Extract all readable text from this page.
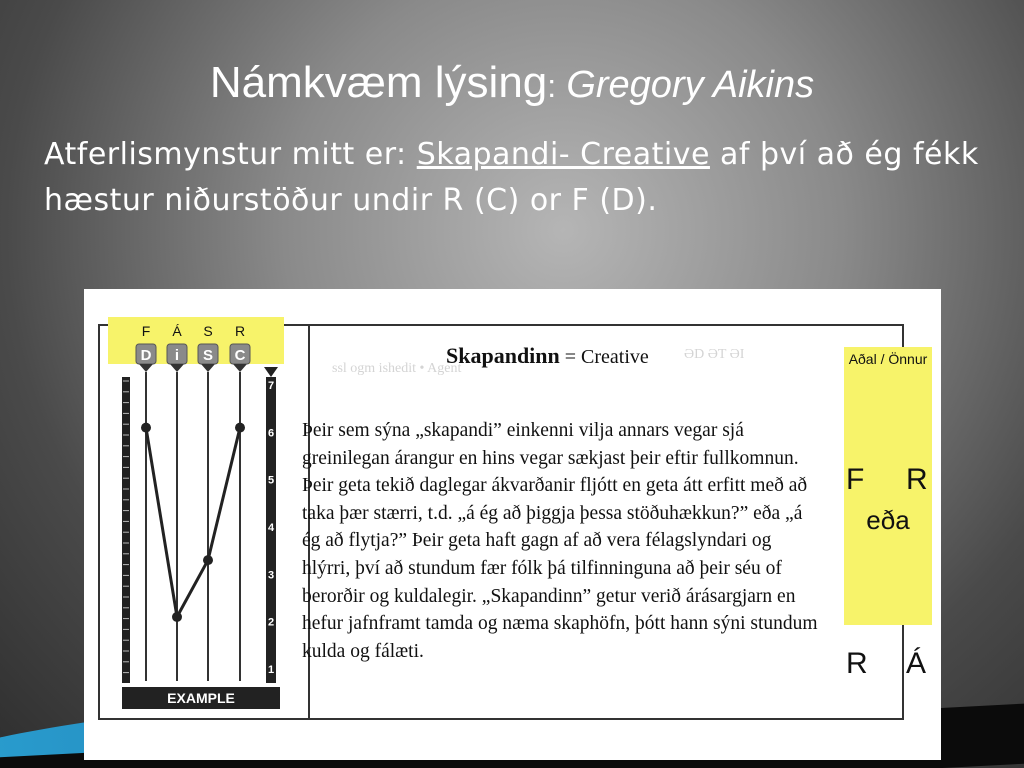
Námkvæm lýsing: Gregory Aikins
Atferlismynstur mitt er: Skapandi- Creative af því að ég fékk hæstur niðurstöður undir R (C) or F (D).
ƏD ƏT ƏI
ssl ogm ishedit • Agent
F Á S R
D i S C
7
6
5
4
3
2
1
EXAMPLE
Skapandinn = Creative
Þeir sem sýna „skapandi” einkenni vilja annars vegar sjá greinilegan árangur en hins vegar sækjast þeir eftir fullkomnun. Þeir geta tekið daglegar ákvarðanir fljótt en geta átt erfitt með að taka þær stærri, t.d. „á ég að þiggja þessa stöðuhækkun?” eða „á ég að flytja?” Þeir geta haft gagn af að vera félagslyndari og hlýrri, því að stundum fær fólk þá tilfinninguna að þeir séu of berorðir og kuldalegir. „Skapandinn” getur verið árásargjarn en hefur jafnframt tamda og næma skaphöfn, þótt hann sýni stundum kulda og fálæti.
Aðal / Önnur
F R
eða
R Á
